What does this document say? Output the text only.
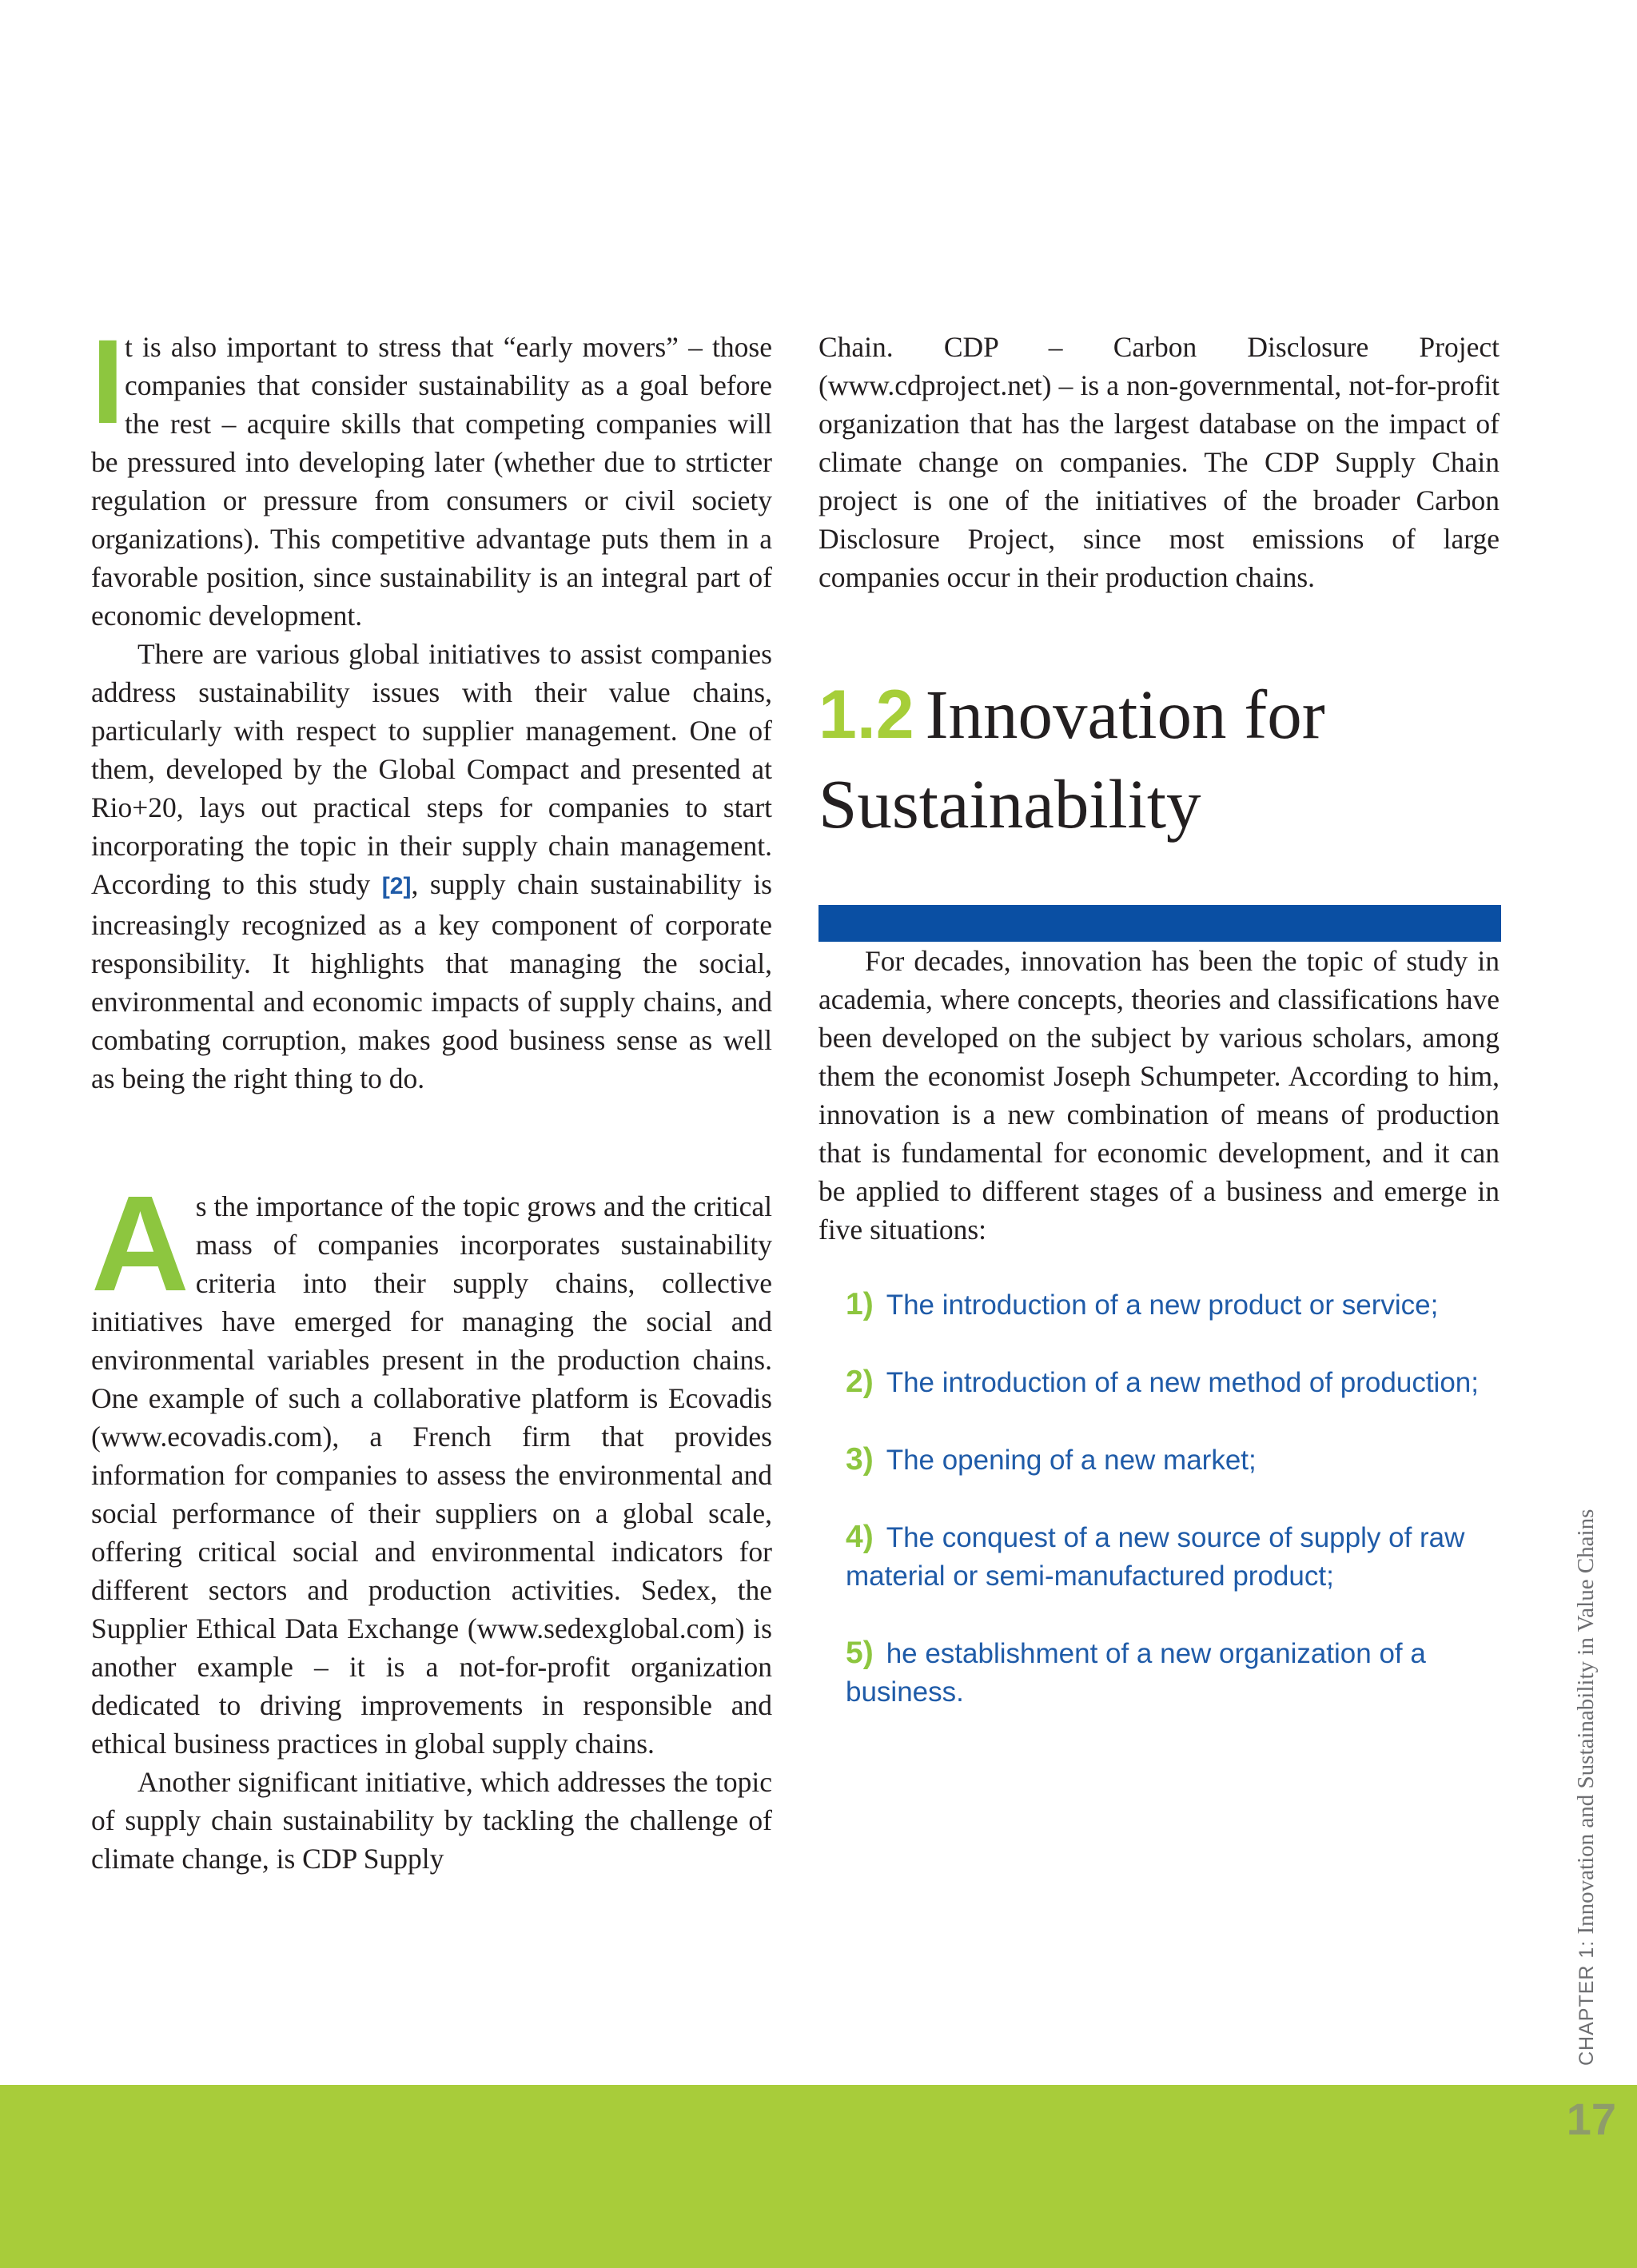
It is also important to stress that “early movers” – those companies that consider sustainability as a goal before the rest – acquire skills that competing companies will be pressured into developing later (whether due to strticter regulation or pressure from consumers or civil society organizations). This competitive advantage puts them in a favorable position, since sustainability is an integral part of economic development.

There are various global initiatives to assist companies address sustainability issues with their value chains, particularly with respect to supplier management. One of them, developed by the Global Compact and presented at Rio+20, lays out practical steps for companies to start incorporating the topic in their supply chain management. According to this study [2], supply chain sustainability is increasingly recognized as a key component of corporate responsibility. It highlights that managing the social, environmental and economic impacts of supply chains, and combating corruption, makes good business sense as well as being the right thing to do.

As the importance of the topic grows and the critical mass of companies incorporates sustainability criteria into their supply chains, collective initiatives have emerged for managing the social and environmental variables present in the production chains. One example of such a collaborative platform is Ecovadis (www.ecovadis.com), a French firm that provides information for companies to assess the environmental and social performance of their suppliers on a global scale, offering critical social and environmental indicators for different sectors and production activities. Sedex, the Supplier Ethical Data Exchange (www.sedexglobal.com) is another example – it is a not-for-profit organization dedicated to driving improvements in responsible and ethical business practices in global supply chains.

Another significant initiative, which addresses the topic of supply chain sustainability by tackling the challenge of climate change, is CDP Supply

Chain. CDP – Carbon Disclosure Project (www.cdproject.net) – is a non-governmental, not-for-profit organization that has the largest database on the impact of climate change on companies. The CDP Supply Chain project is one of the initiatives of the broader Carbon Disclosure Project, since most emissions of large companies occur in their production chains.

1.2 Innovation for Sustainability

For decades, innovation has been the topic of study in academia, where concepts, theories and classifications have been developed on the subject by various scholars, among them the economist Joseph Schumpeter. According to him, innovation is a new combination of means of production that is fundamental for economic development, and it can be applied to different stages of a business and emerge in five situations:

1) The introduction of a new product or service;
2) The introduction of a new method of production;
3) The opening of a new market;
4) The conquest of a new source of supply of raw material or semi-manufactured product;
5) he establishment of a new organization of a business.
CHAPTER 1: Innovation and Sustainability in Value Chains
17
